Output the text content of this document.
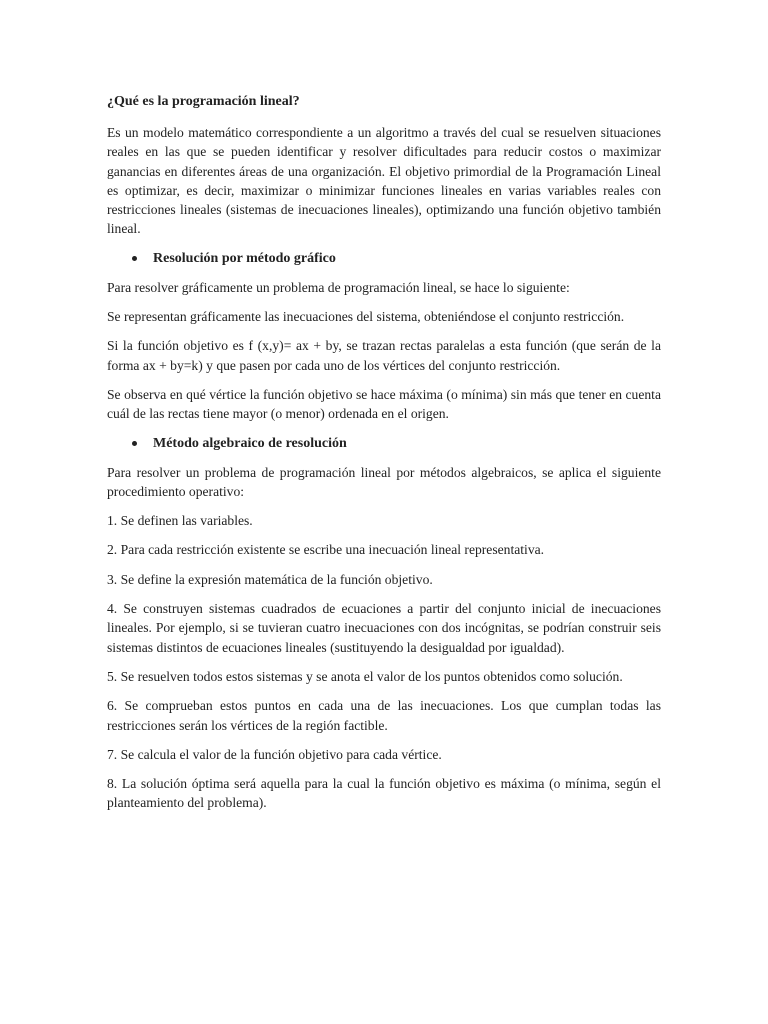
¿Qué es la programación lineal?

Es un modelo matemático correspondiente a un algoritmo a través del cual se resuelven situaciones reales en las que se pueden identificar y resolver dificultades para reducir costos o maximizar ganancias en diferentes áreas de una organización. El objetivo primordial de la Programación Lineal es optimizar, es decir, maximizar o minimizar funciones lineales en varias variables reales con restricciones lineales (sistemas de inecuaciones lineales), optimizando una función objetivo también lineal.

Resolución por método gráfico

Para resolver gráficamente un problema de programación lineal, se hace lo siguiente:

Se representan gráficamente las inecuaciones del sistema, obteniéndose el conjunto restricción.

Si la función objetivo es f (x,y)= ax + by, se trazan rectas paralelas a esta función (que serán de la forma ax + by=k) y que pasen por cada uno de los vértices del conjunto restricción.

Se observa en qué vértice la función objetivo se hace máxima (o mínima) sin más que tener en cuenta cuál de las rectas tiene mayor (o menor) ordenada en el origen.

Método algebraico de resolución

Para resolver un problema de programación lineal por métodos algebraicos, se aplica el siguiente procedimiento operativo:

1. Se definen las variables.

2. Para cada restricción existente se escribe una inecuación lineal representativa.

3. Se define la expresión matemática de la función objetivo.

4. Se construyen sistemas cuadrados de ecuaciones a partir del conjunto inicial de inecuaciones lineales. Por ejemplo, si se tuvieran cuatro inecuaciones con dos incógnitas, se podrían construir seis sistemas distintos de ecuaciones lineales (sustituyendo la desigualdad por igualdad).

5. Se resuelven todos estos sistemas y se anota el valor de los puntos obtenidos como solución.

6. Se comprueban estos puntos en cada una de las inecuaciones. Los que cumplan todas las restricciones serán los vértices de la región factible.

7. Se calcula el valor de la función objetivo para cada vértice.

8. La solución óptima será aquella para la cual la función objetivo es máxima (o mínima, según el planteamiento del problema).
